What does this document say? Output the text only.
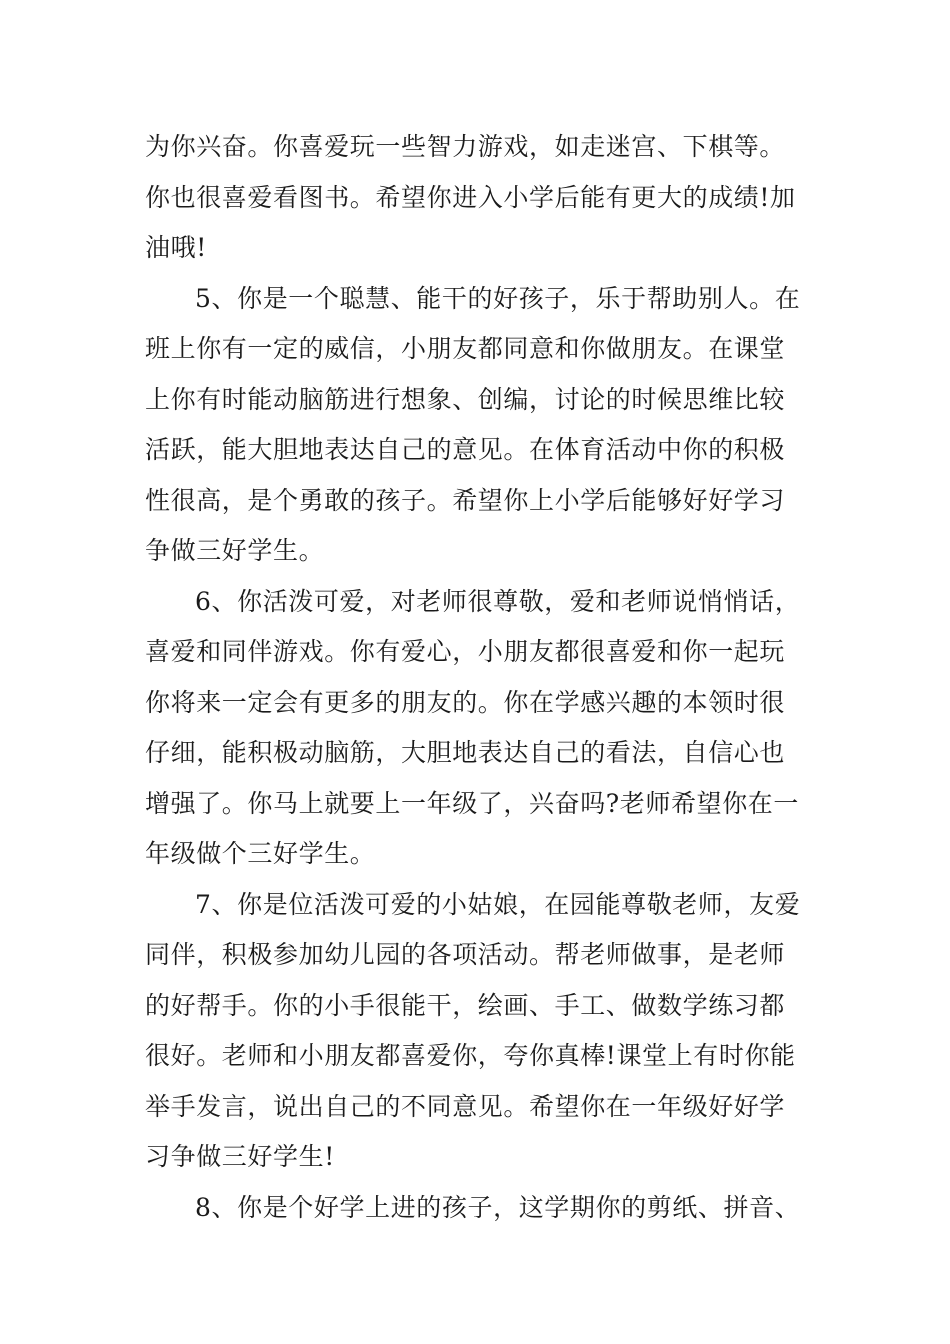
为你兴奋。你喜爱玩一些智力游戏，如走迷宫、下棋等。
你也很喜爱看图书。希望你进入小学后能有更大的成绩!加
油哦!
5、你是一个聪慧、能干的好孩子，乐于帮助别人。在
班上你有一定的威信，小朋友都同意和你做朋友。在课堂
上你有时能动脑筋进行想象、创编，讨论的时候思维比较
活跃，能大胆地表达自己的意见。在体育活动中你的积极
性很高，是个勇敢的孩子。希望你上小学后能够好好学习
争做三好学生。
6、你活泼可爱，对老师很尊敬，爱和老师说悄悄话，
喜爱和同伴游戏。你有爱心，小朋友都很喜爱和你一起玩
你将来一定会有更多的朋友的。你在学感兴趣的本领时很
仔细，能积极动脑筋，大胆地表达自己的看法，自信心也
增强了。你马上就要上一年级了，兴奋吗?老师希望你在一
年级做个三好学生。
7、你是位活泼可爱的小姑娘，在园能尊敬老师，友爱
同伴，积极参加幼儿园的各项活动。帮老师做事，是老师
的好帮手。你的小手很能干，绘画、手工、做数学练习都
很好。老师和小朋友都喜爱你，夸你真棒!课堂上有时你能
举手发言，说出自己的不同意见。希望你在一年级好好学
习争做三好学生!
8、你是个好学上进的孩子，这学期你的剪纸、拼音、
